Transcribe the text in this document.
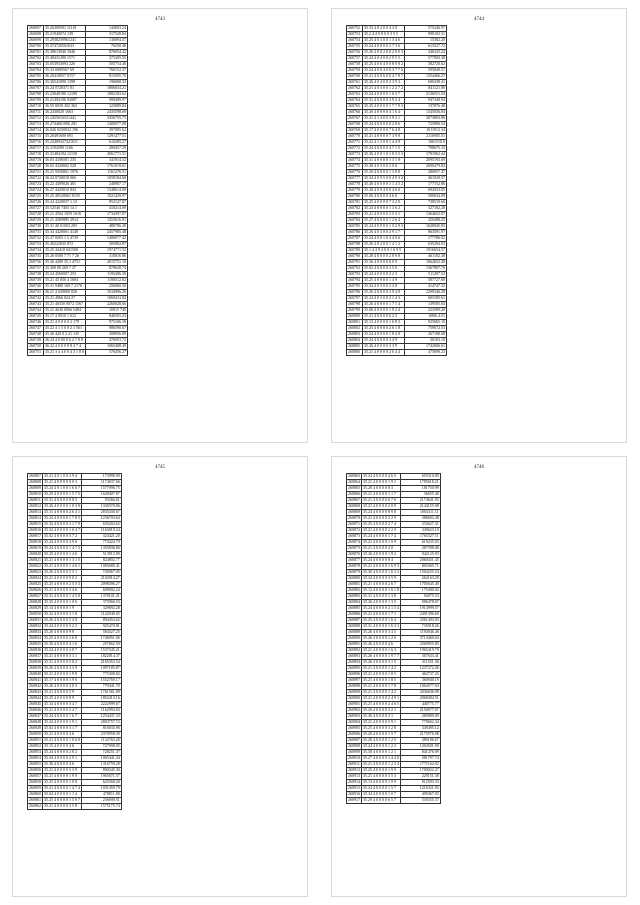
4743
260697	35.26309591 11161	144003.24
260698	35.21940074 139	317528.84
260699	35.2938259961241	130094.07
260700	35.374720501633	76250.46
260701	35.38013940 1846	876054.42
260702	35.48431290 1571	375305.55
260703	35.053933093 226	505754.46
260704	35.33 0009567 69	760152.37
260705	36.20410057 9157	813505.70
260706	35.36541090 1398	196068.33
260707	35.24 0728371 81	1806034.21
260708	35.23040180 12189	1882183.62
260709	35.21494106 92087	908489.97
260710	36.55 0039 302 362	323089.84
260711	36.2430020 1663	2435598.69
260712	35.2455016521441	3356755.75
260713	35.2744661006 281	1400077.08
260714	36.026 9250032 196	397095.62
260715	35.20491600 691	1291477.51
260716	35.23409327321011	610285.27
260717	35.2194580 1166	200457.29
260718	35.31484194 12158	2061771.31
260719	36.03 4106501 235	341914.52
260720	36.02 4320682 528	1761019.61
260721	35.21 9350061 1976	1161276.51
260722	36.24 0720018 066	1058184.68
260723	35.22 4309026 401	240907.17
260724	36.27 4420010 833	1348614.09
260725	35.25 40520061 8155	1021429.97
260726	35.24 4220037 1.13	852127.87
260727	35.52540 7403 14 1	410214.09
260728	35.21 4504 1059 1616	1734397.87
260729	35.21 4380885 2914	1453616.91
260730	35.31 40 01003 205	480706.49
260731	35.34 4420061 4148	2457985.48
260732	35.27 0503 1 5 4739	1406977.42
260733	35.40222035 872	305802.87
260734	35.25 44410 041500	1974771.52
260735	35.26 0500 7 71 7 26	318016.86
260736	35.36 4490 35.1 4751	2015751.10
260737	35.300 00 269 7 37	879628.74
260738	35.24 4560007 253	1195496.39
260739	35.21 43 050 4 1604	1190512.82
260740	35.31 9480 169 7 2176	256060.50
260741	36.21 4 020000 826	1634996.26
260742	35.21 4066 024 27	1069413.84
260743	35.21 40330 0072 1567	2260028.66
260744	35.21 4630 0066 5484	10915 740
260745	35.17 4 9010 1 612	840591.23
260746	35.21 4 0 0 0 0 2 179	975106.39
260747	35.22 4 1 5 0 0 2 1 561	986590.67
260748	35.26 420 0 3 21 135	308956.09
260749	36.24 4 0 00 0 6 2 7 0 8	476953.72
260750	36.22 4 0 0 0 0 8 4 7 4	1065408.49
260751	35.21 3 4 4 0 0 4 3 1 8 8	576456.27
4744
260752	35.33 4 0 2 0 0 4 3 0	575246.97
260753	35.2 4 4 0 8 0 0 3 5 5	990102.31
260754	35.25 4 0 3 0 0 1 3 4 6	15382.20
260755	35.24 4 0 0 0 0 2 7 3 6	613527.72
260756	35.26 4 0 0 2 0 0 2 9 0 3	346325.24
260757	35.24 4 0 4 0 0 2 9 5 5	577003.38
260758	35.25 4 0 0 4 0 0 8 9 8 2	382720.62
260759	35.24 4 0 0 4 0 0 3 7 7 6	595840.51
260760	35.21 4 0 0 6 0 0 4 7 8 7	1254466.27
260761	35.26 4 0 4 0 0 2 3 9 3	690438.41
260762	35.21 4 0 3 0 0 1 2 2 7 2	841121.80
260763	35.24 4 0 0 0 0 1 6 3 7	2136551.04
260764	35.31 4 0 0 0 0 3 9 2 4	947340.94
260765	35.35 4 0 0 0 0 1 7 7 9 3	137876.48
260766	35.26 4 0 0 0 0 4 1 6 4	1345036.84
260767	35.21 4 1 4 0 0 3 9 2 1	2073803.96
260768	35.24 4 0 0 0 0 0 2 8 6	725896.34
260769	35.17 4 0 0 0 0 7 6 4 8	1011912.34
260770	35.21 4 0 0 0 0 7 3 9 8	2116905.51
260771	35.22 4 1 3 0 0 1 4 4 9	1061510.0
260772	35.24 4 0 0 0 0 4 7 1 5	798675.33
260773	35.36 4 0 0 1 0 1 0 3 5 3	1781962.44
260774	35.31 4 0 0 0 0 1 3 1 8	2095193.69
260775	35.30 4 0 3 0 0 2 0 6	2690479.83
260776	35.20 4 0 0 0 0 1 3 9 8	286957.47
260777	35.34 4 0 9 5 0 0 4 9 3 2	461029.57
260778	35.40 4 0 0 0 0 1 1 4 5 2	177152.86
260779	35.20 4 0 9 4 0 0 4 6 0	692033.05
260780	35.06 4 0 0 0 0 4 6 6	500634.09
260781	35.25 4 0 0 0 0 7 3 2 9	738519.60
260782	35.24 4 0 0 0 0 1 3 6 2	327182.28
260783	35.21 4 0 0 0 0 2 5 3 1	1364652.07
260784	35.27 4 0 0 0 0 1 2 6 4	450488.25
260785	35.24 4 0 0 0 0 1 5 2 9 3	1620945.83
260786	35.26 4 0 3 0 0 2 9 1 7	863591.97
260787	35.24 4 0 0 1 0 4 4 0 6	177786.02
260788	35.26 4 0 2 0 0 1 4 1 2	635294.03
260789	35.1 4 4 9 4 0 0 1 6 9 5	1916654.57
260790	35.28 4 0 0 0 0 2 8 9 8	461102.38
260791	35.36 4 0 0 0 0 6 0 9	1062652.48
260792	35.02 4 0 0 0 0 2 5 0	1367807.76
260793	35.24 4 0 0 0 0 2 2 3	511297.52
260794	35.25 4 0 0 0 0 1 4 9	587727.00
260795	35.34 4 0 3 0 0 2 3 0	414747.32
260796	35.26 4 0 0 0 0 2 9 4 8	2299346.28
260797	35.24 4 0 3 0 0 2 1 4 3	603185.61
260798	35.26 4 0 0 0 0 1 7 1 4	139585.04
260799	35.06 4 0 0 0 0 1 9 2 4	223589.20
260800	35.21 4 0 0 0 0 6 2 3	6066 4.51
260801	35.13 4 0 0 0 0 1 6 8 3	925065.19
260802	35.25 4 0 0 0 0 2 6 1 8	759672.53
260803	35.24 4 0 0 0 0 1 8 4 9	267188.68
260804	35.24 4 0 0 0 0 3 4 9	36103.10
260805	35.26 4 0 0 0 0 3 3 9	1742006.61
260806	35.21 4 0 0 0 0 2 6 4 4	475699.23
4745
260807	35.21 4 0 1 0 0 2 9 4	173998.99
260808	35.21 4 0 0 0 0 9 0 3	1174037.66
260809	35.24 4 0 1 0 0 1 6 6 7	1577096.75
260810	35.25 4 0 0 0 0 1 5 7 5	1628407.87
260811	35.31 4 0 0 0 0 9 8 5	93366.61
260812	35.26 4 0 0 0 0 1 0 3 9	1330370.86
260813	35.31 4 0 0 0 0 2 6 4 1	2835430.67
260814	35.24 4 0 0 0 0 1 7 8 5	1236703.64
260815	35.32 4 0 0 0 0 2 1 7 9	635204.62
260816	35.32 4 0 0 0 0 1 6 4 7	1163019.24
260817	35.02 4 0 0 0 0 5 7 2	324421.20
260818	35.24 4 0 0 0 0 4 9 6	774424.79
260819	35.24 4 0 0 0 0 1 4 7 5	1355836.86
260820	35.25 4 0 0 0 0 1 4 6	513913.09
260821	35.21 4 0 0 0 0 1 3 1 5	824802.77
260822	35.21 4 0 0 0 0 1 4 6 1	1085680.41
260823	35.26 4 0 0 0 0 5 5 1	745067.05
260824	35.21 4 0 0 0 0 9 0 2	2102014.27
260825	35.25 4 0 0 0 0 2 5 5 3	2098496.27
260826	35.21 4 0 0 0 0 3 4 6	609002.24
260827	35.31 4 0 0 0 0 1 4 5 0	1370101.41
260828	35.35 4 0 0 0 0 1 0 6	375966.53
260829	35.14 4 0 0 0 0 1 9	329692.28
260830	35.32 4 0 0 0 0 3 1 8	1122940.05
260831	35.26 4 0 0 0 0 5 4 8	894454.62
260832	35.24 4 0 0 0 0 3 2 2	925470.81
260833	35.20 4 0 0 0 0 9 8	584327.25
260834	35.25 4 0 0 0 0 2 6 8	1746051.06
260835	35.30 4 0 0 0 0 4 1 6	257662.59
260836	35.24 4 0 0 0 0 2 8 7	1537345.21
260837	35.21 4 0 0 0 0 3 3 1	1822014.37
260838	35.31 4 0 0 0 0 5 0 2	2165353.54
260839	35.26 4 0 0 0 0 3 3 9	1097185.87
260840	35.21 4 0 0 0 0 1 9 9	775308.82
260841	35.17 4 0 0 0 0 1 9 6	1552769.17
260842	35.26 4 0 0 0 0 4 0 3	779441.70
260843	35.21 4 0 0 0 0 5 9	1761361.89
260844	35.25 4 0 0 0 0 8 9	1852413.16
260845	35.34 4 0 0 0 0 3 4 7	2222999.67
260846	35.21 4 0 0 0 0 2 4 7	1162994.83
260847	35.24 4 0 0 0 0 1 6 7	1254437.33
260848	35.24 4 0 0 0 0 1 9 1	2803757.72
260849	35.02 4 0 0 0 0 3 1 7	816033.96
260850	35.21 4 0 0 0 0 4 6	2370958.39
260851	35.21 4 0 0 0 0 1 0 6 0	1132763.26
260852	35.15 4 0 0 0 0 4 6	727998.05
260853	35.24 4 0 0 0 0 2 8 2	728251.37
260854	35.34 4 0 0 0 0 2 9 1	1065441.34
260855	35.36 4 0 0 0 0 4 6	1316759.28
260856	35.21 4 0 0 0 0 5 3 9	800345.30
260857	35.21 4 0 0 0 0 1 9 9	1965671.57
260858	35.25 4 0 0 0 0 1 0 8	625568.20
260859	35.21 4 0 0 0 0 1 4 7 4	1031459.79
260860	35.04 4 0 0 0 0 1 1 4	478811.80
260861	35.25 4 0 0 0 0 1 5 0 7	236690.51
260862	35.21 4 0 0 0 0 3 5 8	1575175.74
4746
260863	35.24 4 0 0 0 0 4 6 5	655310.09
260864	35.21 4 0 0 0 0 1 9 1	1785618.21
260865	35.20 4 0 0 0 0 8 3	181750.99
260866	35.21 4 0 0 0 0 1 1 7	36055.48
260867	35.21 4 0 0 0 0 6 7 0	2174641.93
260868	35.21 4 0 0 0 0 2 0 9	2144155.98
260869	35.24 4 0 0 0 0 8 9 8	1063311.11
260870	35.21 4 0 0 0 0 2 2 9	386603.48
260871	35.25 4 0 0 0 0 2 7 4	233627.31
260872	35.21 4 0 0 0 0 2 2 9	349623.19
260873	35.24 4 0 0 0 0 1 7 4	1765327.11
260874	35.21 4 0 0 0 0 1 9 9	619235.03
260875	35.21 4 0 0 0 0 4 0	287398.08
260876	35.26 4 0 0 0 0 1 9 2	942125.93
260877	35.24 4 0 0 0 0 8 4	2060431.45
260878	35.21 4 0 0 0 0 1 6 9 3	803365.71
260879	35.30 4 0 0 0 0 1 6 3 3	1504255.54
260880	35.34 4 0 0 0 0 3 5 9	262163.29
260881	35.21 4 0 0 0 0 2 6 7	1705645.40
260882	35.12 4 0 0 0 0 1 6 1 8	175400.02
260883	35.31 4 0 0 0 0 1 3 8	92075.53
260884	35.26 4 0 0 0 0 1 3 5	986478.07
260885	35.24 4 0 0 0 0 2 1 5 4	1914999.57
260886	35.21 4 0 0 0 0 1 7 1	2491396.60
260887	35.25 4 0 0 0 0 1 6 4	2561493.03
260888	35.31 4 0 0 0 0 1 6 3 3	735018.26
260889	35.26 4 0 0 0 0 3 4 5	1194946.46
260890	35.26 4 0 0 0 0 1 2 6	3713460.04
260891	35.26 4 0 0 0 0 4 6	2569955.85
260892	35.21 4 0 0 0 0 1 6 3	1965419.79
260893	35.26 4 0 0 0 0 1 9 7 7	367633.41
260894	35.26 4 0 0 0 0 3 1 5	311551.36
260895	35.21 4 0 0 0 0 1 4 2	1237272.26
260896	35.21 4 0 0 0 0 1 8 5	463737.25
260897	35.21 4 0 0 0 0 1 8 5	360940.19
260898	35.21 4 0 0 0 0 1 7 8	1064577.94
260899	35.21 4 0 0 0 0 1 4 2	2036636.98
260900	35.21 4 0 0 0 0 2 4 9 1	2068494.51
260901	35.21 4 0 0 0 0 2 4 6 5	440775.77
260902	35.26 4 0 0 0 0 3 2 1	2150077.07
260903	35.36 4 0 0 0 0 3 1	285809.09
260904	35.21 4 0 0 0 0 5 9 1	779662.34
260905	35.25 4 0 0 0 0 3 2 8	349495.12
260906	35.20 4 0 0 0 0 1 5 7	2175976.98
260907	35.20 4 0 0 0 0 1 2 5	380186.67
260908	35.24 4 0 0 0 0 1 2 2	1204501.90
260909	35.30 4 0 0 0 0 1 2 1	841476.09
260910	35.27 4 0 0 0 0 1 4 4 0	581797.74
260911	35.21 4 0 0 0 0 1 2 2 4	1771162.02
260912	35.25 4 0 0 0 0 1 9 9	1700022.27
260913	35.21 4 0 0 0 0 3 5 3	229151.38
260914	35.13 4 0 0 0 0 1 9 9	812593.33
260915	35.24 4 0 0 0 0 1 5 7	1216321.93
260916	35.34 4 0 0 0 0 1 0 7	499467.93
260917	35.29 4 0 0 0 0 6 5 7	530355.37
